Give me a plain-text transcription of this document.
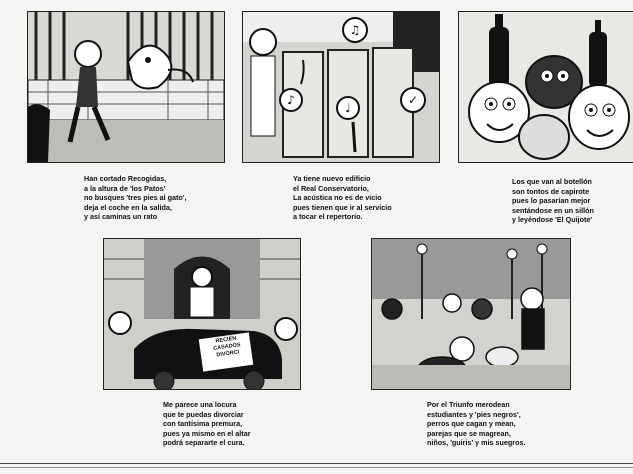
♫
♪
♩
✓
Han cortado Recogidas,
a la altura de 'los Patos'
no busques 'tres pies al gato',
deja el coche en la salida,
y así caminas un rato
Ya tiene nuevo edificio
el Real Conservatorio,
La acústica no es de vicio
pues tienen que ir al servicio
a tocar el repertorio.
Los que van al botellón
son tontos de capirote
pues lo pasarían mejor
sentándose en un sillón
y leyéndose 'El Quijote'
RECIÉN
CASADOS
DIVORCI
Me parece una locura
que te puedas divorciar
con tantísima premura,
pues ya mismo en el altar
podrá separarte el cura.
Por el Triunfo merodean
estudiantes y 'pies negros',
perros que cagan y mean,
parejas que se magrean,
niños, 'guiris' y mis suegros.
